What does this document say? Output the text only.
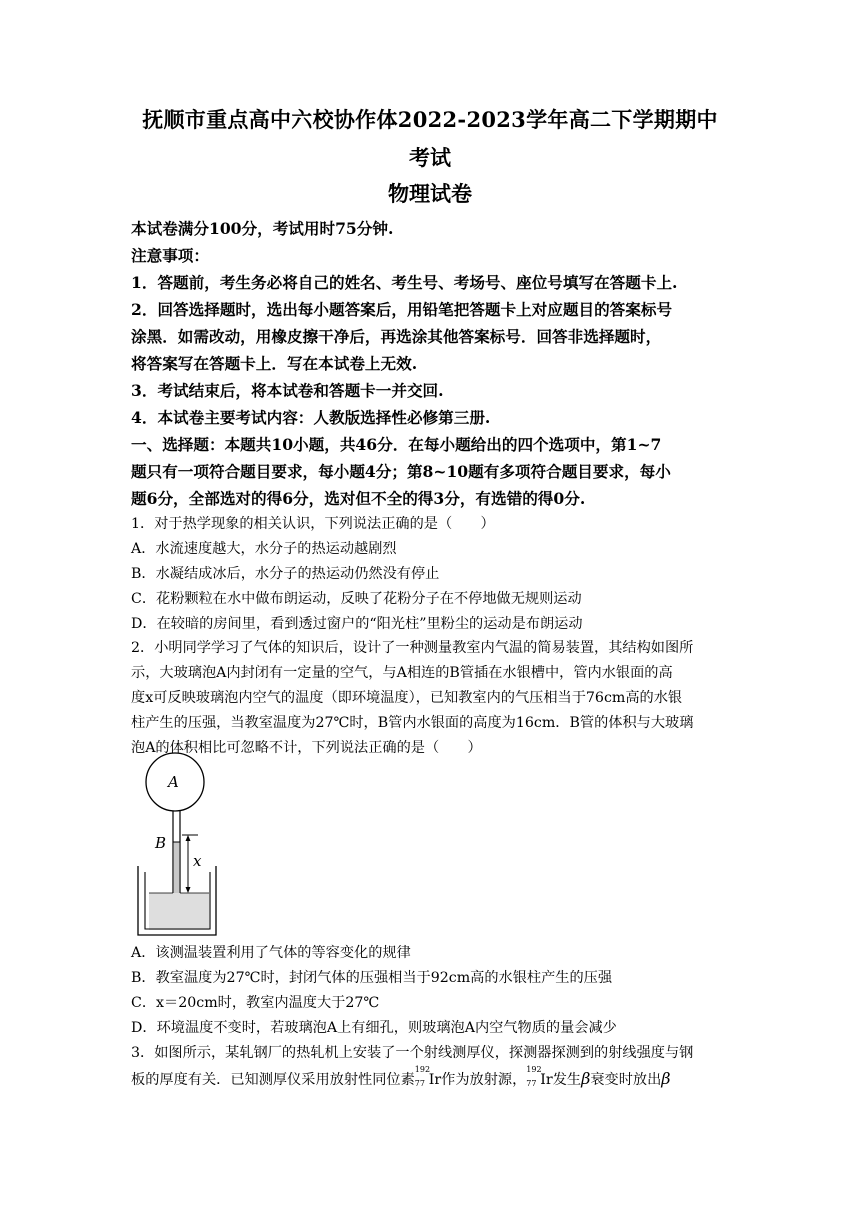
抚顺市重点高中六校协作体2022-2023学年高二下学期期中
考试
物理试卷
本试卷满分100分，考试用时75分钟.
注意事项：
1．答题前，考生务必将自己的姓名、考生号、考场号、座位号填写在答题卡上.
2．回答选择题时，选出每小题答案后，用铅笔把答题卡上对应题目的答案标号
涂黑．如需改动，用橡皮擦干净后，再选涂其他答案标号．回答非选择题时，
将答案写在答题卡上．写在本试卷上无效.
3．考试结束后，将本试卷和答题卡一并交回.
4．本试卷主要考试内容：人教版选择性必修第三册.
一、选择题：本题共10小题，共46分．在每小题给出的四个选项中，第1~7
题只有一项符合题目要求，每小题4分；第8~10题有多项符合题目要求，每小
题6分，全部选对的得6分，选对但不全的得3分，有选错的得0分.
1．对于热学现象的相关认识，下列说法正确的是（　　）
A．水流速度越大，水分子的热运动越剧烈
B．水凝结成冰后，水分子的热运动仍然没有停止
C．花粉颗粒在水中做布朗运动，反映了花粉分子在不停地做无规则运动
D．在较暗的房间里，看到透过窗户的“阳光柱”里粉尘的运动是布朗运动
2．小明同学学习了气体的知识后，设计了一种测量教室内气温的简易装置，其结构如图所
示，大玻璃泡A内封闭有一定量的空气，与A相连的B管插在水银槽中，管内水银面的高
度x可反映玻璃泡内空气的温度（即环境温度），已知教室内的气压相当于76cm高的水银
柱产生的压强，当教室温度为27℃时，B管内水银面的高度为16cm．B管的体积与大玻璃
泡A的体积相比可忽略不计，下列说法正确的是（　　）
A
B
x
A．该测温装置利用了气体的等容变化的规律
B．教室温度为27℃时，封闭气体的压强相当于92cm高的水银柱产生的压强
C．x＝20cm时，教室内温度大于27℃
D．环境温度不变时，若玻璃泡A上有细孔，则玻璃泡A内空气物质的量会减少
3．如图所示，某轧钢厂的热轧机上安装了一个射线测厚仪，探测器探测到的射线强度与钢
板的厚度有关．已知测厚仪采用放射性同位素
192
77 Ir作为放射源，
192
77 Ir发生β衰变时放出β
